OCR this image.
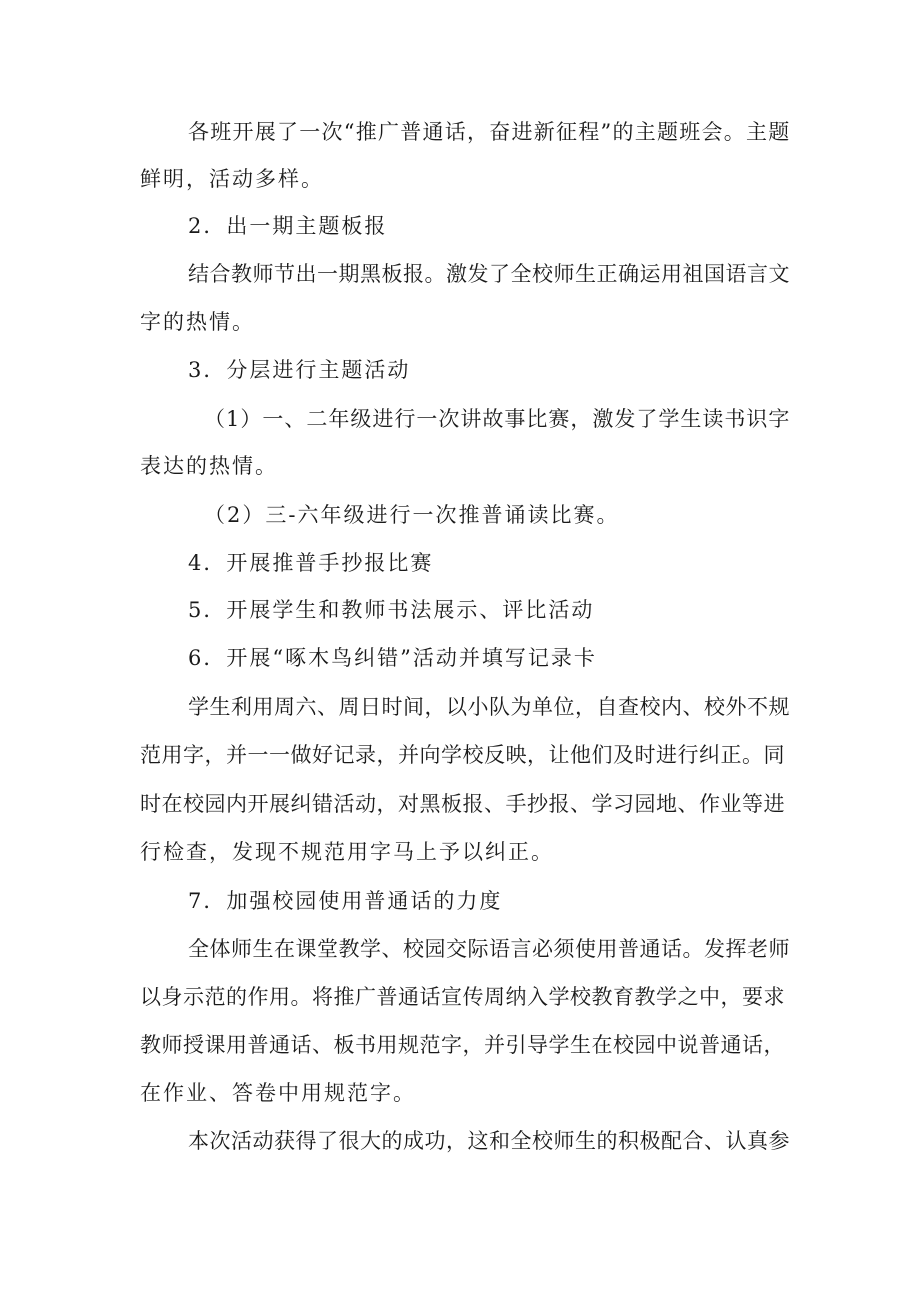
各班开展了一次“推广普通话，奋进新征程”的主题班会。主题

鲜明，活动多样。

2．出一期主题板报

结合教师节出一期黑板报。激发了全校师生正确运用祖国语言文

字的热情。

3．分层进行主题活动

（1）一、二年级进行一次讲故事比赛，激发了学生读书识字

表达的热情。

（2）三-六年级进行一次推普诵读比赛。

4．开展推普手抄报比赛

5．开展学生和教师书法展示、评比活动

6．开展“啄木鸟纠错”活动并填写记录卡

学生利用周六、周日时间，以小队为单位，自查校内、校外不规

范用字，并一一做好记录，并向学校反映，让他们及时进行纠正。同

时在校园内开展纠错活动，对黑板报、手抄报、学习园地、作业等进

行检查，发现不规范用字马上予以纠正。

7．加强校园使用普通话的力度

全体师生在课堂教学、校园交际语言必须使用普通话。发挥老师

以身示范的作用。将推广普通话宣传周纳入学校教育教学之中，要求

教师授课用普通话、板书用规范字，并引导学生在校园中说普通话，

在作业、答卷中用规范字。

本次活动获得了很大的成功，这和全校师生的积极配合、认真参
